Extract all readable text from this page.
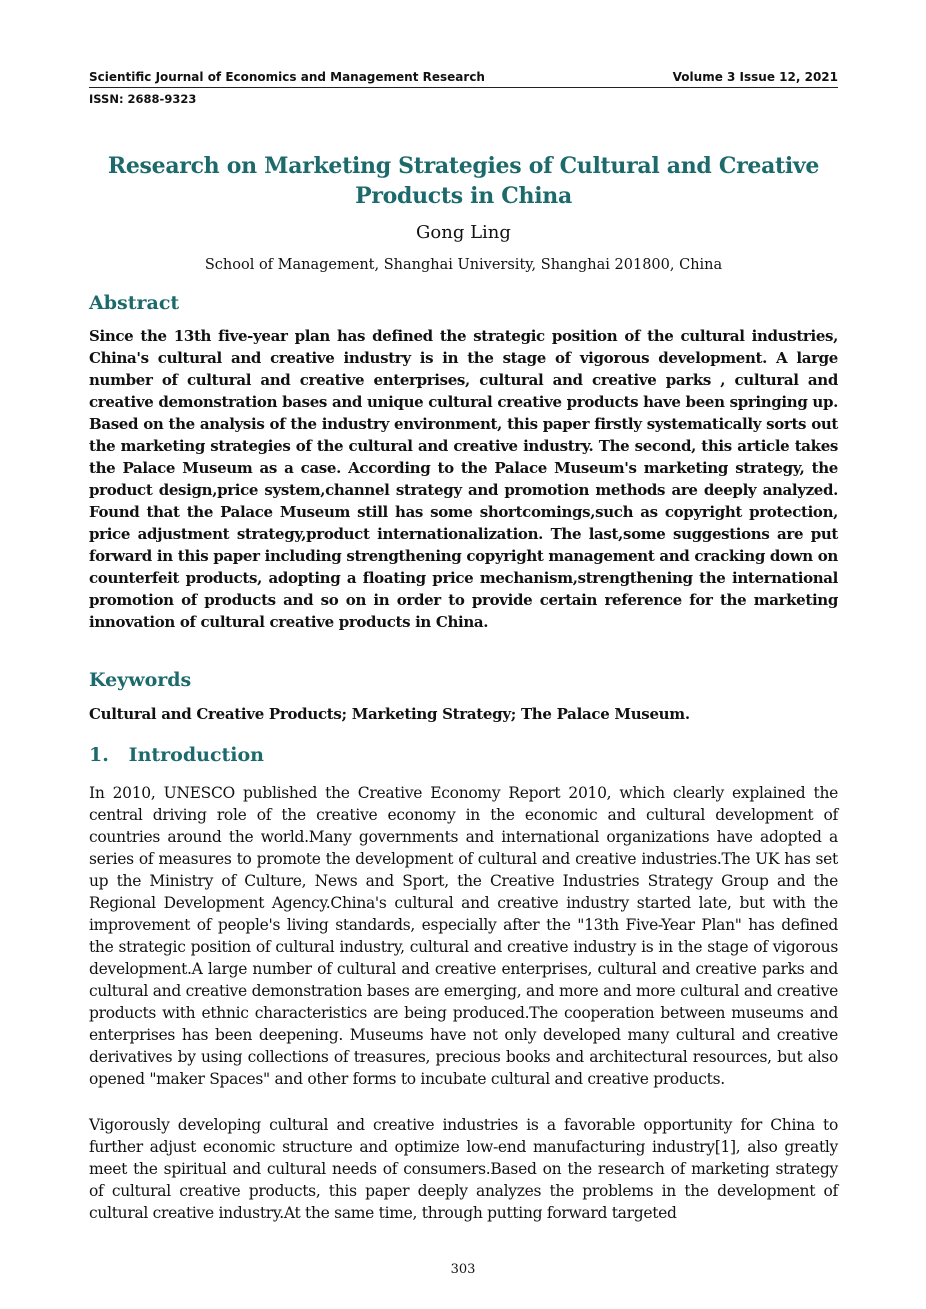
Scientific Journal of Economics and Management Research	Volume 3 Issue 12, 2021
ISSN: 2688-9323
Research on Marketing Strategies of Cultural and Creative
Products in China
Gong Ling
School of Management, Shanghai University, Shanghai 201800, China
Abstract
Since the 13th five-year plan has defined the strategic position of the cultural industries, China's cultural and creative industry is in the stage of vigorous development. A large number of cultural and creative enterprises, cultural and creative parks , cultural and creative demonstration bases and unique cultural creative products have been springing up. Based on the analysis of the industry environment, this paper firstly systematically sorts out the marketing strategies of the cultural and creative industry. The second, this article takes the Palace Museum as a case. According to the Palace Museum's marketing strategy, the product design,price system,channel strategy and promotion methods are deeply analyzed. Found that the Palace Museum still has some shortcomings,such as copyright protection, price adjustment strategy,product internationalization. The last,some suggestions are put forward in this paper including strengthening copyright management and cracking down on counterfeit products, adopting a floating price mechanism,strengthening the international promotion of products and so on in order to provide certain reference for the marketing innovation of cultural creative products in China.
Keywords
Cultural and Creative Products; Marketing Strategy; The Palace Museum.
1.   Introduction
In 2010, UNESCO published the Creative Economy Report 2010, which clearly explained the central driving role of the creative economy in the economic and cultural development of countries around the world.Many governments and international organizations have adopted a series of measures to promote the development of cultural and creative industries.The UK has set up the Ministry of Culture, News and Sport, the Creative Industries Strategy Group and the Regional Development Agency.China's cultural and creative industry started late, but with the improvement of people's living standards, especially after the "13th Five-Year Plan" has defined the strategic position of cultural industry, cultural and creative industry is in the stage of vigorous development.A large number of cultural and creative enterprises, cultural and creative parks and cultural and creative demonstration bases are emerging, and more and more cultural and creative products with ethnic characteristics are being produced.The cooperation between museums and enterprises has been deepening. Museums have not only developed many cultural and creative derivatives by using collections of treasures, precious books and architectural resources, but also opened "maker Spaces" and other forms to incubate cultural and creative products.
Vigorously developing cultural and creative industries is a favorable opportunity for China to further adjust economic structure and optimize low-end manufacturing industry[1], also greatly meet the spiritual and cultural needs of consumers.Based on the research of marketing strategy of cultural creative products, this paper deeply analyzes the problems in the development of cultural creative industry.At the same time, through putting forward targeted
303
